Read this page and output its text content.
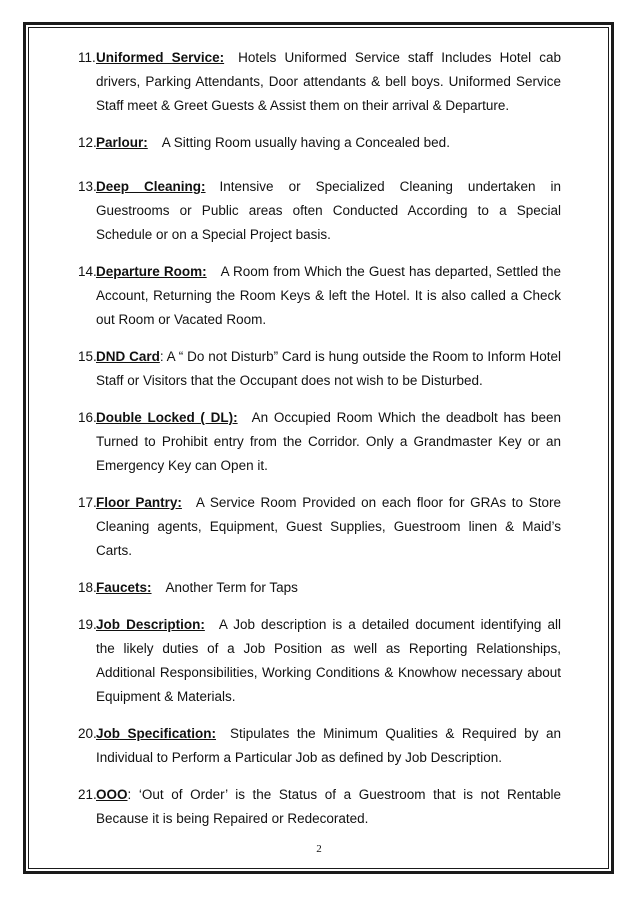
11. Uniformed Service: Hotels Uniformed Service staff Includes Hotel cab drivers, Parking Attendants, Door attendants & bell boys. Uniformed Service Staff meet & Greet Guests & Assist them on their arrival & Departure.
12. Parlour: A Sitting Room usually having a Concealed bed.
13. Deep Cleaning: Intensive or Specialized Cleaning undertaken in Guestrooms or Public areas often Conducted According to a Special Schedule or on a Special Project basis.
14. Departure Room: A Room from Which the Guest has departed, Settled the Account, Returning the Room Keys & left the Hotel. It is also called a Check out Room or Vacated Room.
15. DND Card: A “ Do not Disturb” Card is hung outside the Room to Inform Hotel Staff or Visitors that the Occupant does not wish to be Disturbed.
16. Double Locked ( DL): An Occupied Room Which the deadbolt has been Turned to Prohibit entry from the Corridor. Only a Grandmaster Key or an Emergency Key can Open it.
17. Floor Pantry: A Service Room Provided on each floor for GRAs to Store Cleaning agents, Equipment, Guest Supplies, Guestroom linen & Maid’s Carts.
18. Faucets: Another Term for Taps
19. Job Description: A Job description is a detailed document identifying all the likely duties of a Job Position as well as Reporting Relationships, Additional Responsibilities, Working Conditions & Knowhow necessary about Equipment & Materials.
20. Job Specification: Stipulates the Minimum Qualities & Required by an Individual to Perform a Particular Job as defined by Job Description.
21. OOO: ‘Out of Order’ is the Status of a Guestroom that is not Rentable Because it is being Repaired or Redecorated.
2
